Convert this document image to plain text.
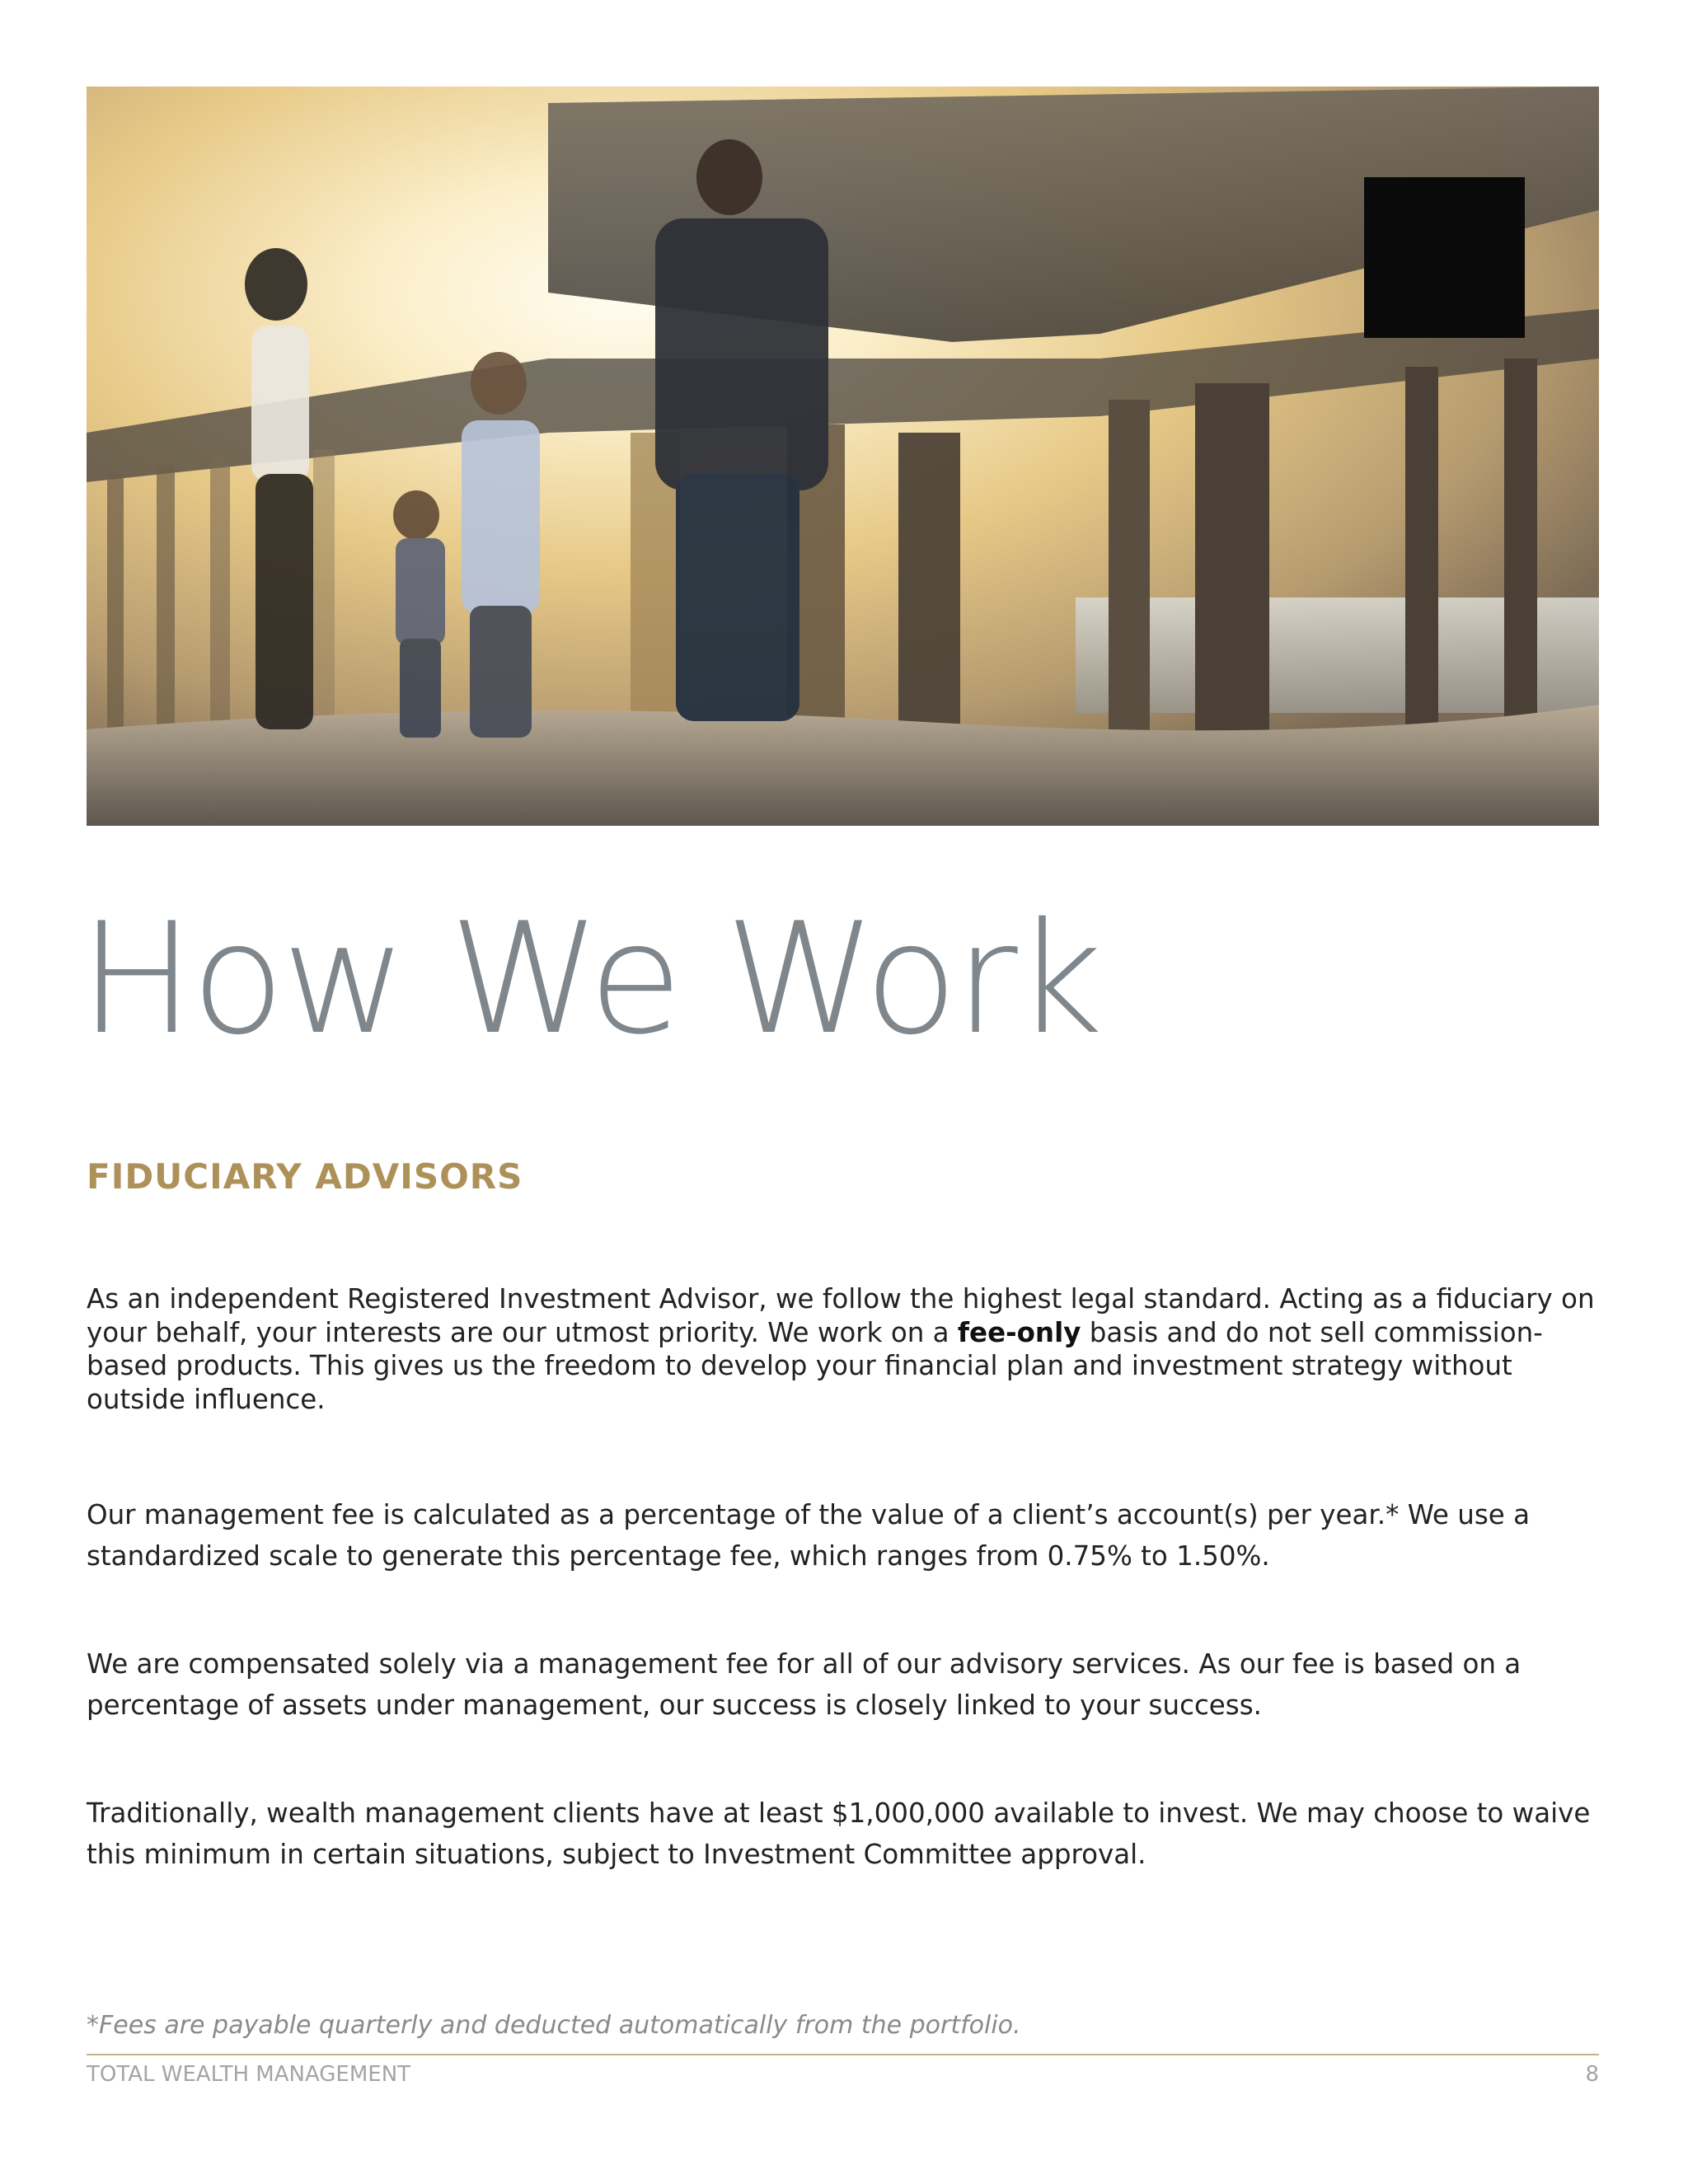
How We Work
FIDUCIARY ADVISORS

As an independent Registered Investment Advisor, we follow the highest legal standard. Acting as a fiduciary on your behalf, your interests are our utmost priority. We work on a fee-only basis and do not sell commission-based products. This gives us the freedom to develop your financial plan and investment strategy without outside influence.

Our management fee is calculated as a percentage of the value of a client’s account(s) per year.* We use a standardized scale to generate this percentage fee, which ranges from 0.75% to 1.50%.

We are compensated solely via a management fee for all of our advisory services. As our fee is based on a percentage of assets under management, our success is closely linked to your success.

Traditionally, wealth management clients have at least $1,000,000 available to invest. We may choose to waive this minimum in certain situations, subject to Investment Committee approval.

*Fees are payable quarterly and deducted automatically from the portfolio.

TOTAL WEALTH MANAGEMENT	8
